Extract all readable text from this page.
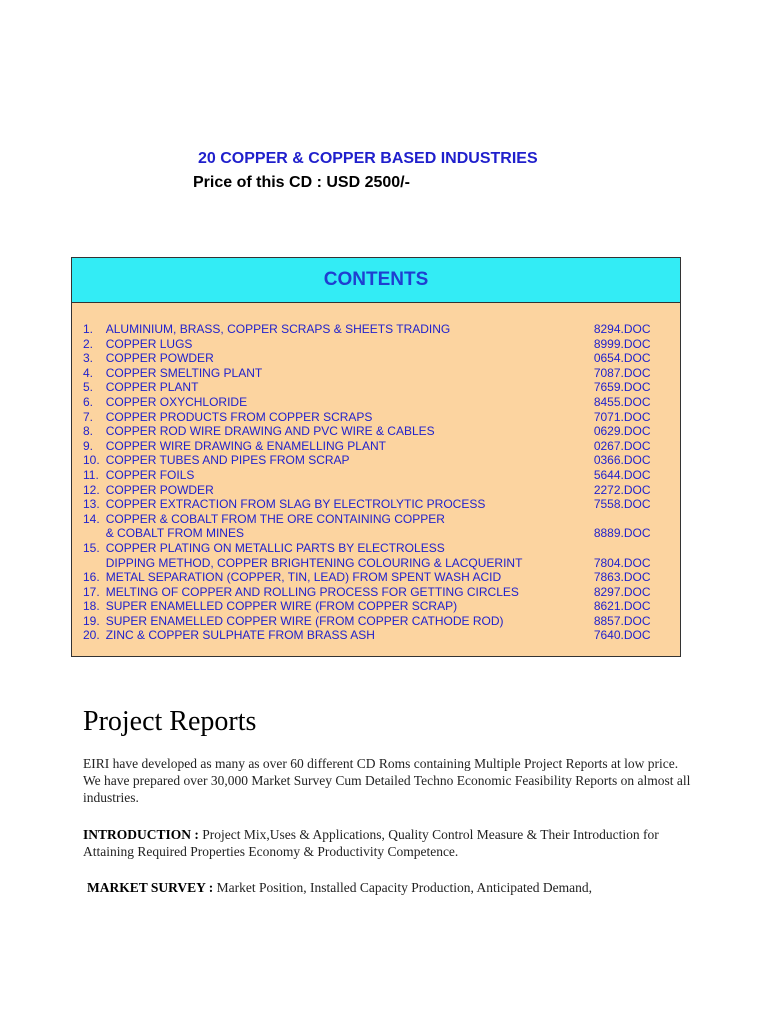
20 COPPER & COPPER BASED INDUSTRIES
Price of this CD : USD 2500/-
CONTENTS
1.	ALUMINIUM, BRASS, COPPER SCRAPS & SHEETS TRADING	8294.DOC
2.	COPPER LUGS	8999.DOC
3.	COPPER POWDER	0654.DOC
4.	COPPER SMELTING PLANT	7087.DOC
5.	COPPER PLANT	7659.DOC
6.	COPPER OXYCHLORIDE	8455.DOC
7.	COPPER PRODUCTS FROM COPPER SCRAPS	7071.DOC
8.	COPPER ROD WIRE DRAWING AND PVC WIRE & CABLES	0629.DOC
9.	COPPER WIRE DRAWING & ENAMELLING PLANT	0267.DOC
10. COPPER TUBES AND PIPES FROM SCRAP	0366.DOC
11. COPPER FOILS	5644.DOC
12. COPPER POWDER	2272.DOC
13. COPPER EXTRACTION FROM SLAG BY ELECTROLYTIC PROCESS	7558.DOC
14. COPPER & COBALT FROM THE ORE CONTAINING COPPER
& COBALT FROM MINES	8889.DOC
15. COPPER PLATING ON METALLIC PARTS BY ELECTROLESS
DIPPING METHOD, COPPER BRIGHTENING COLOURING & LACQUERINT	7804.DOC
16. METAL SEPARATION (COPPER, TIN, LEAD) FROM SPENT WASH ACID	7863.DOC
17. MELTING OF COPPER AND ROLLING PROCESS FOR GETTING CIRCLES	8297.DOC
18. SUPER ENAMELLED COPPER WIRE (FROM COPPER SCRAP)	8621.DOC
19. SUPER ENAMELLED COPPER WIRE (FROM COPPER CATHODE ROD)	8857.DOC
20. ZINC & COPPER SULPHATE FROM BRASS ASH	7640.DOC
Project Reports
EIRI have developed as many as over 60 different CD Roms containing Multiple Project Reports at low price. We have prepared over 30,000 Market Survey Cum Detailed Techno Economic Feasibility Reports on almost all industries.
INTRODUCTION : Project Mix,Uses & Applications, Quality Control Measure & Their Introduction for Attaining Required Properties Economy & Productivity Competence.
MARKET SURVEY : Market Position, Installed Capacity Production, Anticipated Demand,
